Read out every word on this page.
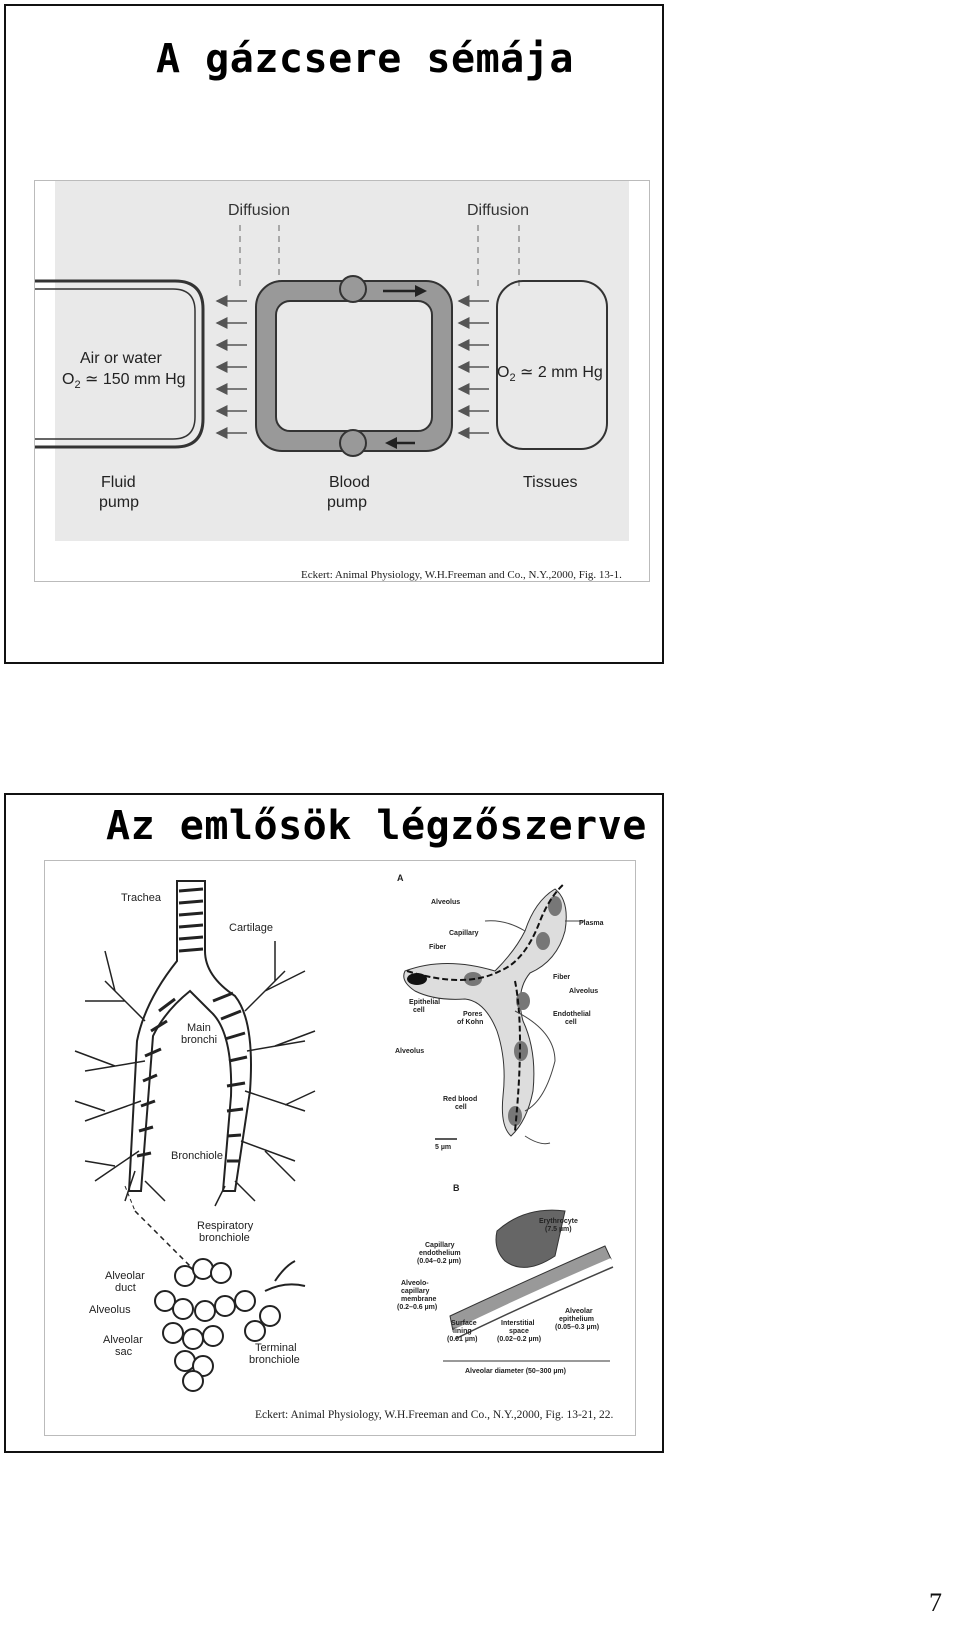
A gázcsere sémája
Diffusion	Diffusion
Air or water
$O_2$ ≃ 150 mm Hg	$O_2$ ≃ 2 mm Hg
Fluid
pump
Blood
pump
Tissues
Eckert: Animal Physiology, W.H.Freeman and Co., N.Y.,2000, Fig. 13-1.
Az emlősök légzőszerve
Trachea
Cartilage
Main
bronchi
Bronchiole
Respiratory
bronchiole
Alveolar
duct
Alveolus
Alveolar
sac	Terminal
bronchiole
A
Alveolus
Capillary
Plasma
Fiber
Fiber
Alveolus
Epithelial
cell
Pores
of Kohn
Endothelial
cell
Alveolus
Red blood
cell
5 µm
B
Erythrocyte
(7.5 µm)
Capillary
endothelium
(0.04–0.2 µm)
Alveolo-
capillary
membrane
(0.2–0.6 µm)
Surface
lining
(0.01 µm)
Interstitial
space
(0.02–0.2 µm)
Alveolar
epithelium
(0.05–0.3 µm)
Alveolar diameter (50–300 µm)
Eckert: Animal Physiology, W.H.Freeman and Co., N.Y.,2000, Fig. 13-21, 22.
7
